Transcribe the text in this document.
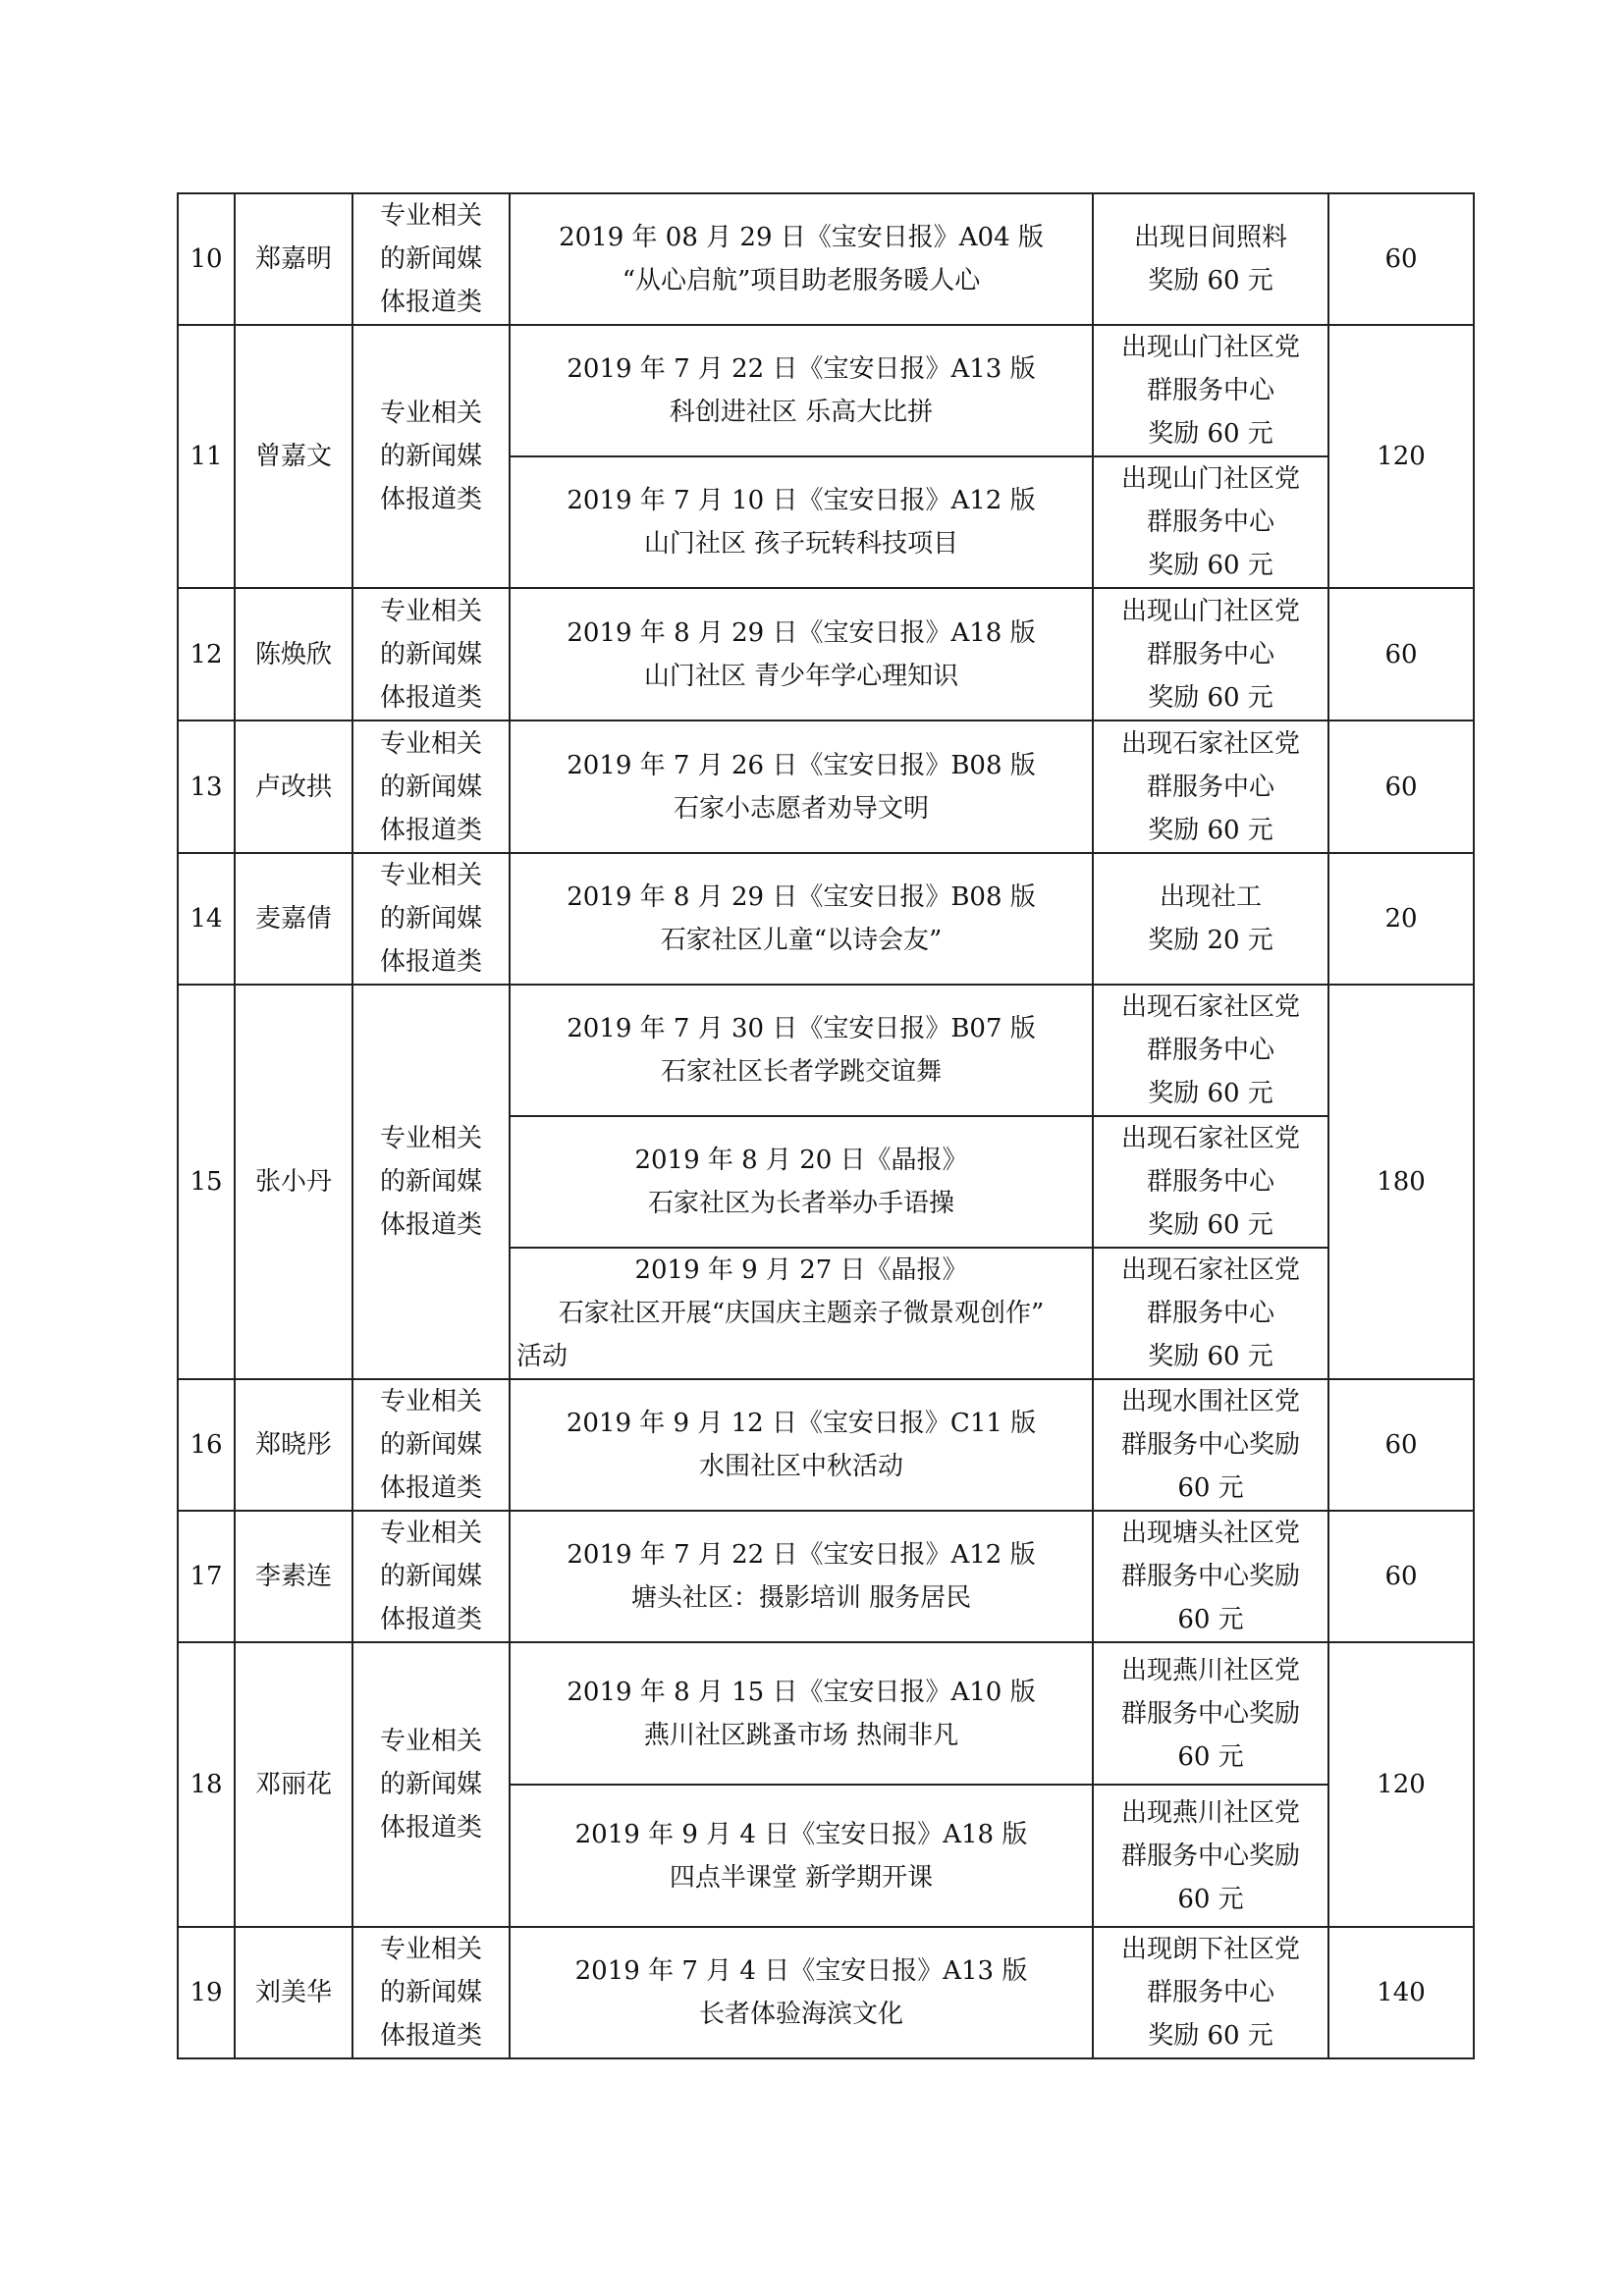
10	郑嘉明	专业相关
的新闻媒
体报道类	2019 年 08 月 29 日《宝安日报》A04 版
“从心启航”项目助老服务暖人心	出现日间照料
奖励 60 元	60
11	曾嘉文	专业相关
的新闻媒
体报道类	2019 年 7 月 22 日《宝安日报》A13 版
科创进社区 乐高大比拼	出现山门社区党
群服务中心
奖励 60 元	120

			2019 年 7 月 10 日《宝安日报》A12 版
山门社区 孩子玩转科技项目	出现山门社区党
群服务中心
奖励 60 元	

12	陈焕欣	专业相关
的新闻媒
体报道类	2019 年 8 月 29 日《宝安日报》A18 版
山门社区 青少年学心理知识	出现山门社区党
群服务中心
奖励 60 元	60
13	卢改拱	专业相关
的新闻媒
体报道类	2019 年 7 月 26 日《宝安日报》B08 版
石家小志愿者劝导文明	出现石家社区党
群服务中心
奖励 60 元	60
14	麦嘉倩	专业相关
的新闻媒
体报道类	2019 年 8 月 29 日《宝安日报》B08 版
石家社区儿童“以诗会友”	出现社工
奖励 20 元	20
15	张小丹	专业相关
的新闻媒
体报道类	2019 年 7 月 30 日《宝安日报》B07 版
石家社区长者学跳交谊舞	出现石家社区党
群服务中心
奖励 60 元	180

			2019 年 8 月 20 日《晶报》
石家社区为长者举办手语操	出现石家社区党
群服务中心
奖励 60 元	

			2019 年 9 月 27 日《晶报》
石家社区开展“庆国庆主题亲子微景观创作”
活动	出现石家社区党
群服务中心
奖励 60 元	

16	郑晓彤	专业相关
的新闻媒
体报道类	2019 年 9 月 12 日《宝安日报》C11 版
水围社区中秋活动	出现水围社区党
群服务中心奖励
60 元	60
17	李素连	专业相关
的新闻媒
体报道类	2019 年 7 月 22 日《宝安日报》A12 版
塘头社区：摄影培训 服务居民	出现塘头社区党
群服务中心奖励
60 元	60
18	邓丽花	专业相关
的新闻媒
体报道类	2019 年 8 月 15 日《宝安日报》A10 版
燕川社区跳蚤市场 热闹非凡	出现燕川社区党
群服务中心奖励
60 元	120

			2019 年 9 月 4 日《宝安日报》A18 版
四点半课堂 新学期开课	出现燕川社区党
群服务中心奖励
60 元	

19	刘美华	专业相关
的新闻媒
体报道类	2019 年 7 月 4 日《宝安日报》A13 版
长者体验海滨文化	出现朗下社区党
群服务中心
奖励 60 元	140
